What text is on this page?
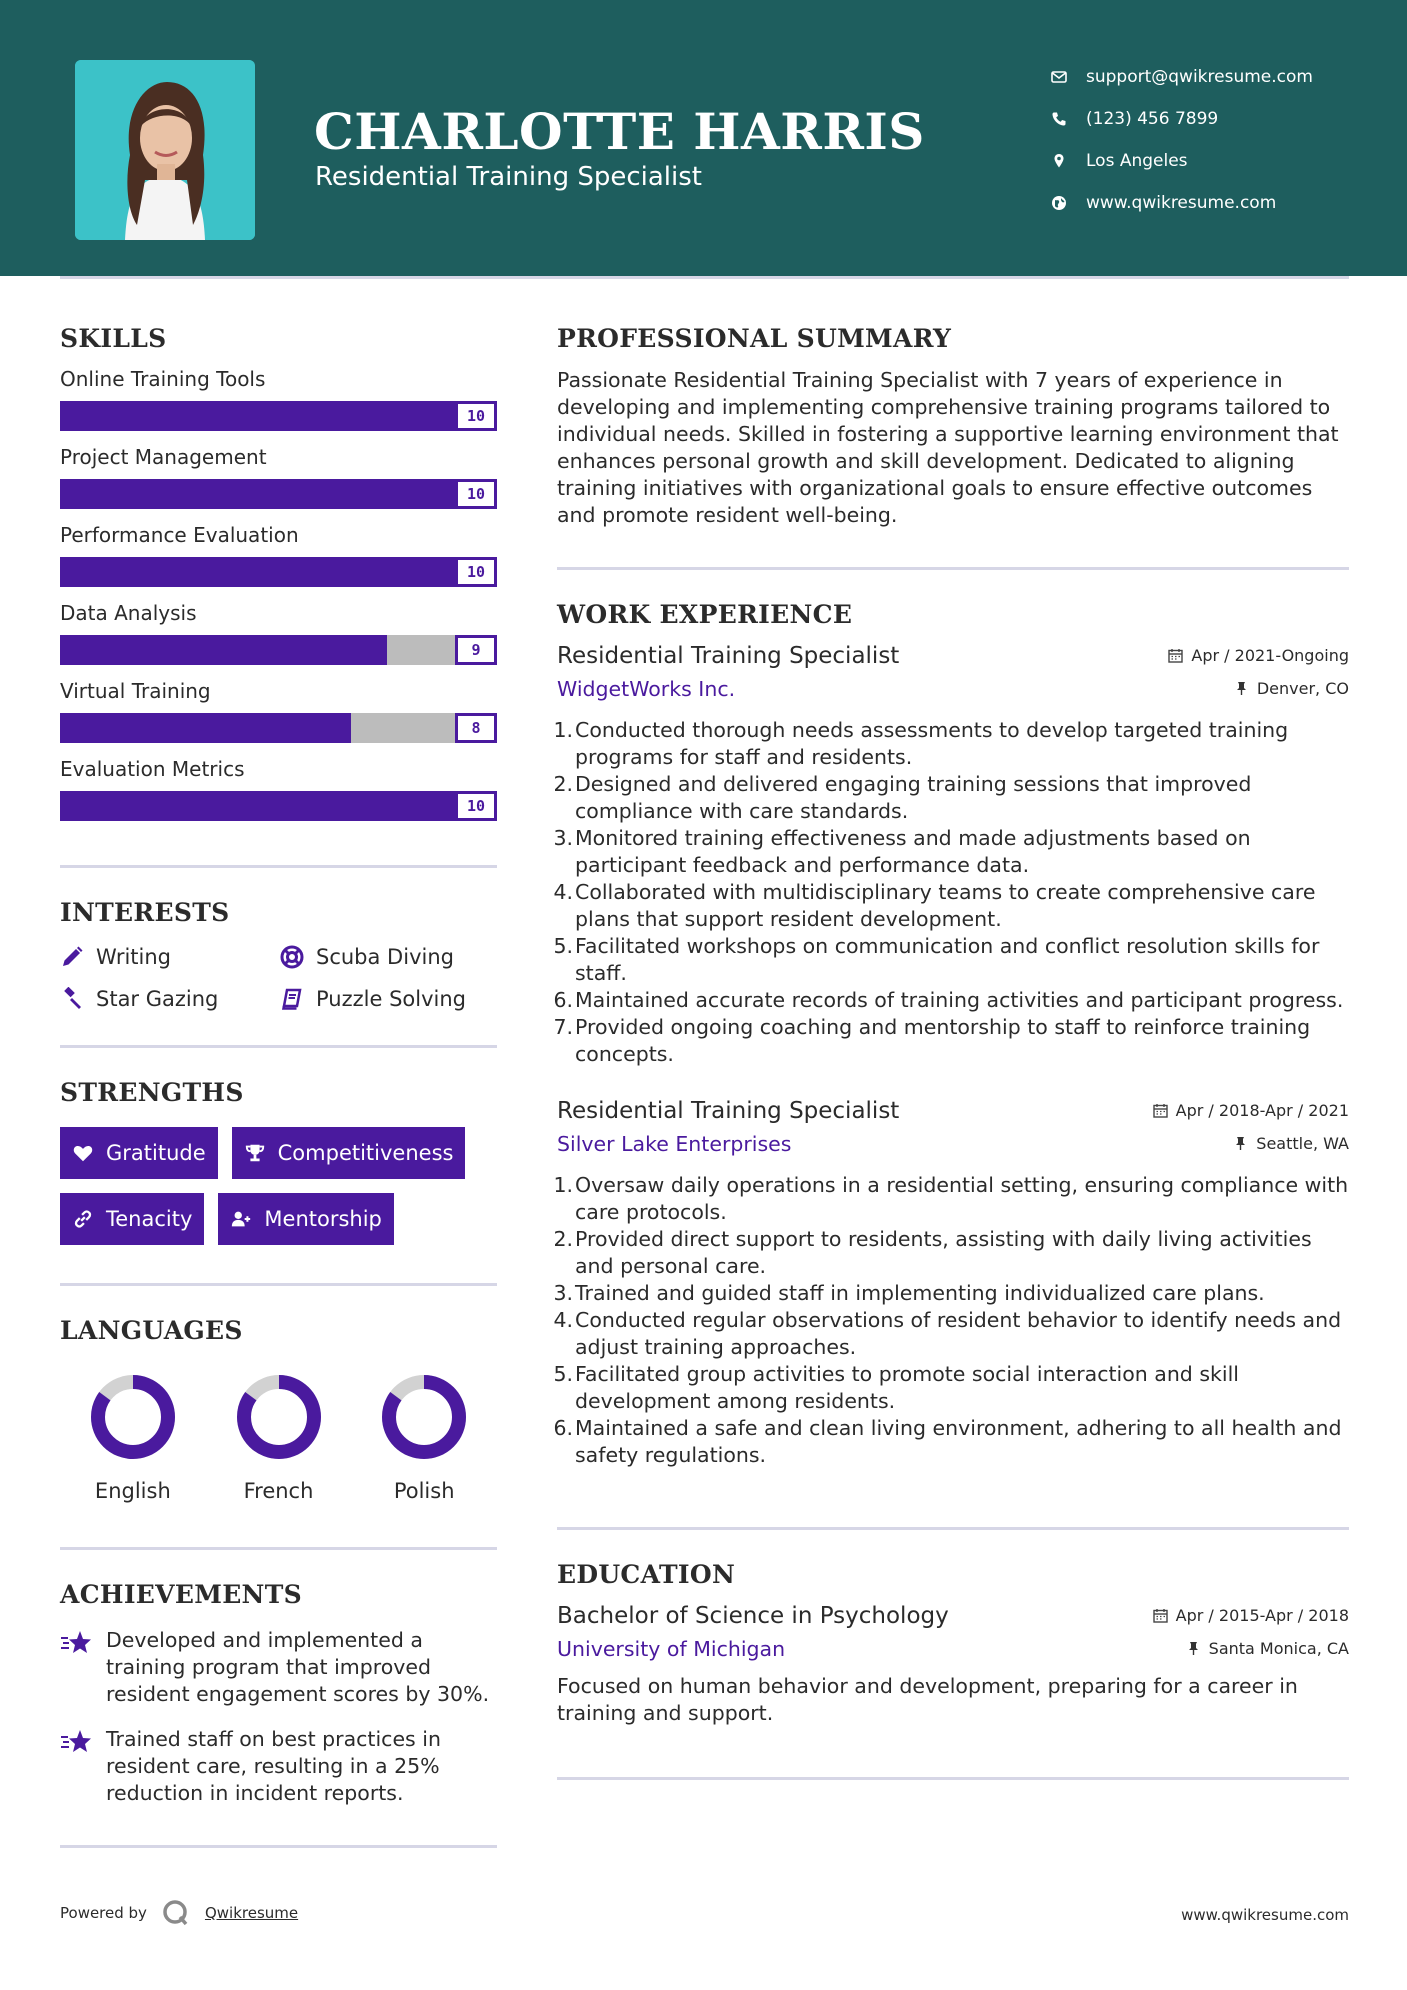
CHARLOTTE HARRIS
Residential Training Specialist
support@qwikresume.com
(123) 456 7899
Los Angeles
www.qwikresume.com
SKILLS
Online Training Tools
10
Project Management
10
Performance Evaluation
10
Data Analysis
9
Virtual Training
8
Evaluation Metrics
10
INTERESTS
Writing	Scuba Diving
Star Gazing	Puzzle Solving
STRENGTHS
Gratitude	Competitiveness
Tenacity	Mentorship
LANGUAGES
English	French	Polish
ACHIEVEMENTS
Developed and implemented a training program that improved resident engagement scores by 30%.
Trained staff on best practices in resident care, resulting in a 25% reduction in incident reports.
PROFESSIONAL SUMMARY
Passionate Residential Training Specialist with 7 years of experience in developing and implementing comprehensive training programs tailored to individual needs. Skilled in fostering a supportive learning environment that enhances personal growth and skill development. Dedicated to aligning training initiatives with organizational goals to ensure effective outcomes and promote resident well-being.
WORK EXPERIENCE
Residential Training Specialist	Apr / 2021-Ongoing
WidgetWorks Inc.	Denver, CO
1. Conducted thorough needs assessments to develop targeted training programs for staff and residents.
2. Designed and delivered engaging training sessions that improved compliance with care standards.
3. Monitored training effectiveness and made adjustments based on participant feedback and performance data.
4. Collaborated with multidisciplinary teams to create comprehensive care plans that support resident development.
5. Facilitated workshops on communication and conflict resolution skills for staff.
6. Maintained accurate records of training activities and participant progress.
7. Provided ongoing coaching and mentorship to staff to reinforce training concepts.
Residential Training Specialist	Apr / 2018-Apr / 2021
Silver Lake Enterprises	Seattle, WA
1. Oversaw daily operations in a residential setting, ensuring compliance with care protocols.
2. Provided direct support to residents, assisting with daily living activities and personal care.
3. Trained and guided staff in implementing individualized care plans.
4. Conducted regular observations of resident behavior to identify needs and adjust training approaches.
5. Facilitated group activities to promote social interaction and skill development among residents.
6. Maintained a safe and clean living environment, adhering to all health and safety regulations.
EDUCATION
Bachelor of Science in Psychology	Apr / 2015-Apr / 2018
University of Michigan	Santa Monica, CA
Focused on human behavior and development, preparing for a career in training and support.
Powered by	Qwikresume	www.qwikresume.com
